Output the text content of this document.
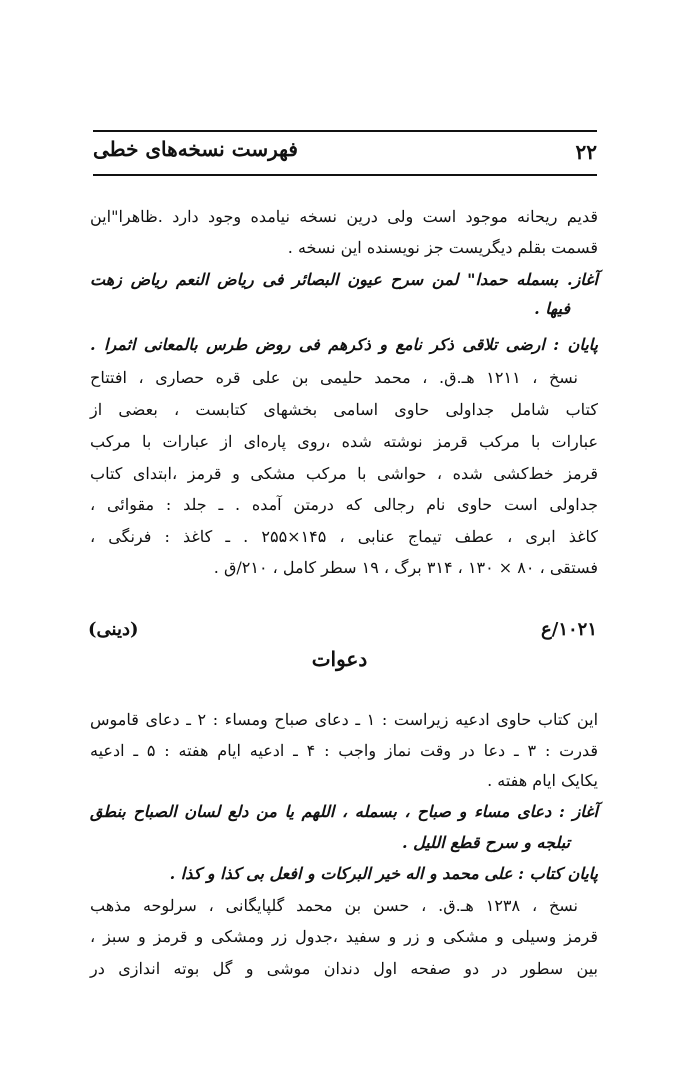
فهرست نسخه‌های خطی	۲۲
قدیم ریحانه موجود است ولی درین نسخه نیامده وجود دارد .ظاهرا"این
قسمت بقلم دیگریست جز نویسنده این نسخه .
آغاز. بسمله حمدا" لمن سرح عیون البصائر فی ریاض النعم ریاض زهت
فیها .
پایان : ارضی تلاقی ذکر نامع و ذکرهم فی روض طرس بالمعانی اثمرا .
نسخ ، ۱۲۱۱ هـ.ق. ، محمد حلیمی بن علی قره حصاری ، افتتاح
کتاب شامل جداولی حاوی اسامی بخشهای کتابست ، بعضی از
عبارات با مرکب قرمز نوشته شده ،روی پاره‌ای از عبارات با مرکب
قرمز خط‌کشی شده ، حواشی با مرکب مشکی و قرمز ،ابتدای کتاب
جداولی است حاوی نام رجالی که درمتن آمده . ـ جلد : مقوائی ،
کاغذ ابری ، عطف تیماج عنابی ، ۱۴۵×۲۵۵ . ـ کاغذ : فرنگی ،
فستقی ، ۸۰ × ۱۳۰ ، ۳۱۴ برگ ، ۱۹ سطر کامل ، ۲۱۰/ق .
۱۰۲۱/ع
(دینی)
دعوات
این کتاب حاوی ادعیه زیراست : ۱ ـ دعای صباح ومساء : ۲ ـ دعای قاموس
قدرت : ۳ ـ دعا در وقت نماز واجب : ۴ ـ ادعیه ایام هفته : ۵ ـ ادعیه
یکایک ایام هفته .
آغاز : دعای مساء و صباح ، بسمله ، اللهم یا من دلع لسان الصباح بنطق
تبلجه و سرح قطع اللیل .
پایان کتاب : علی محمد و اله خیر البرکات و افعل بی کذا و کذا .
نسخ ، ۱۲۳۸ هـ.ق. ، حسن بن محمد گلپایگانی ، سرلوحه مذهب
قرمز وسیلی و مشکی و زر و سفید ،جدول زر ومشکی و قرمز و سبز ،
بین سطور در دو صفحه اول دندان موشی و گل بوته اندازی در
